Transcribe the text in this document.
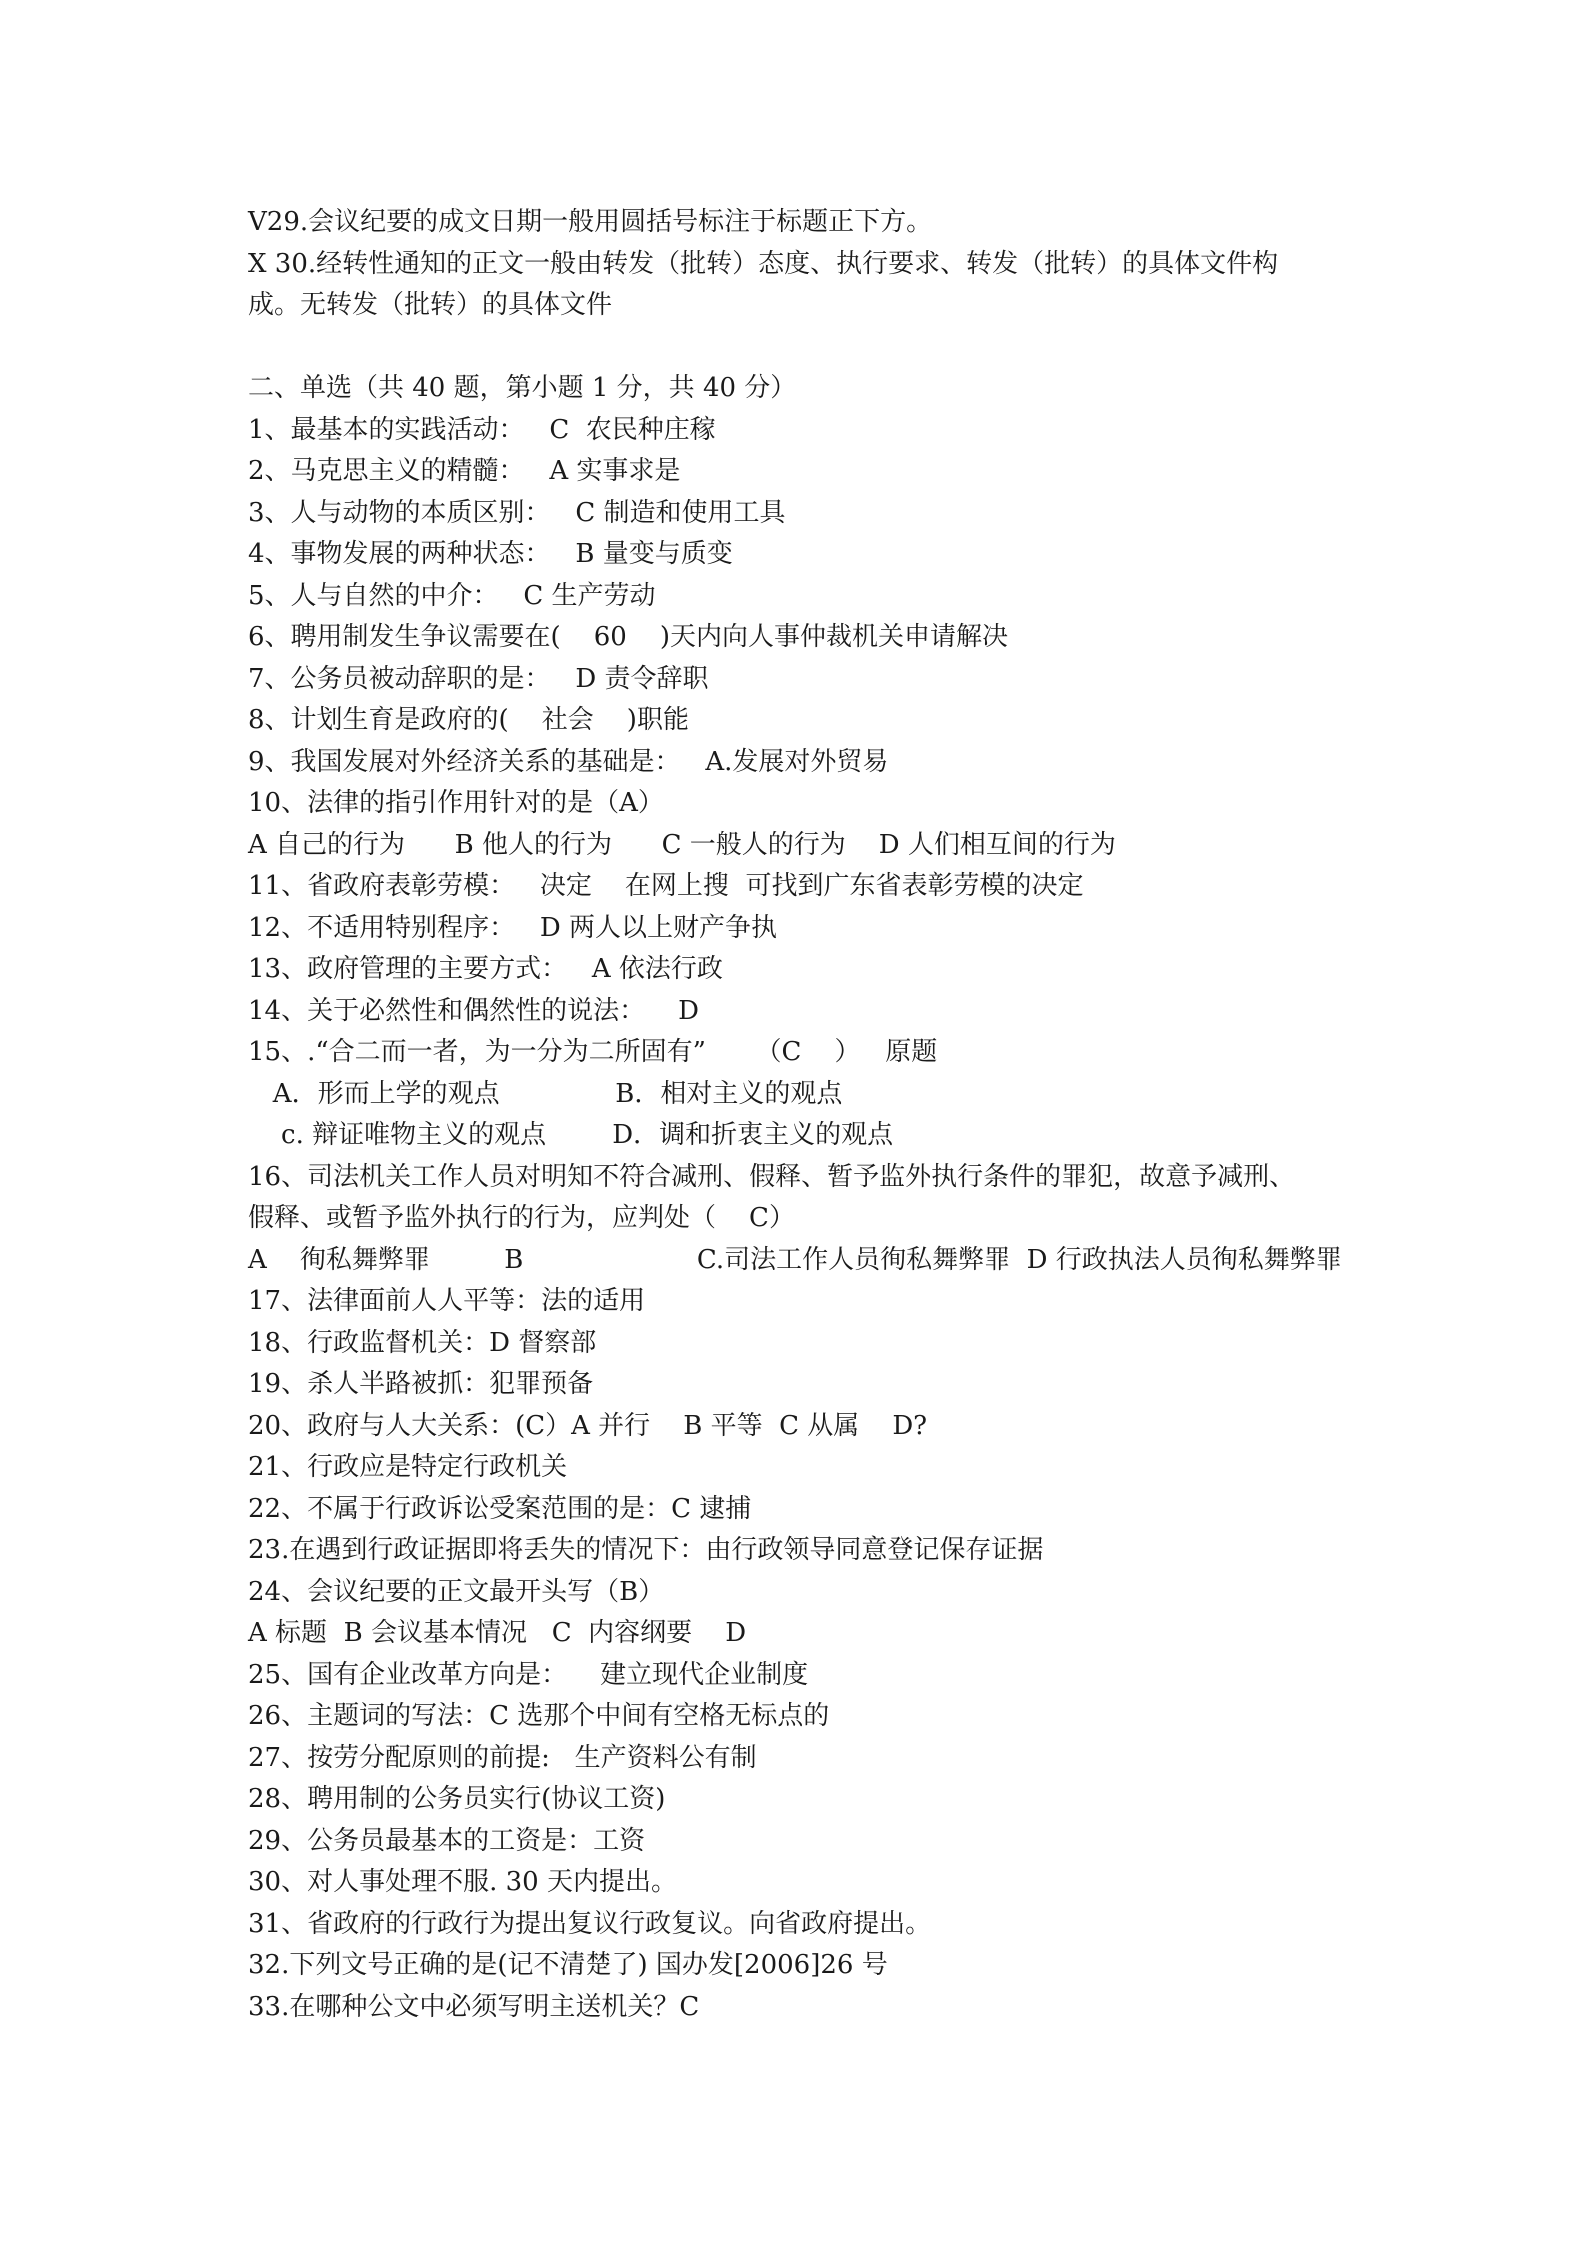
V29.会议纪要的成文日期一般用圆括号标注于标题正下方。
X 30.经转性通知的正文一般由转发（批转）态度、执行要求、转发（批转）的具体文件构
成。无转发（批转）的具体文件
二、单选（共 40 题，第小题 1 分，共 40 分）
1、最基本的实践活动：   C  农民种庄稼
2、马克思主义的精髓：   A 实事求是
3、人与动物的本质区别：   C 制造和使用工具
4、事物发展的两种状态：   B 量变与质变
5、人与自然的中介：   C 生产劳动
6、聘用制发生争议需要在(    60    )天内向人事仲裁机关申请解决
7、公务员被动辞职的是：   D 责令辞职
8、计划生育是政府的(    社会    )职能
9、我国发展对外经济关系的基础是：   A.发展对外贸易
10、法律的指引作用针对的是（A）
A 自己的行为      B 他人的行为      C 一般人的行为    D 人们相互间的行为
11、省政府表彰劳模：   决定    在网上搜  可找到广东省表彰劳模的决定
12、不适用特别程序：   D 两人以上财产争执
13、政府管理的主要方式：   A 依法行政
14、关于必然性和偶然性的说法：    D
15、.“合二而一者，为一分为二所固有”      （C    ）   原题
A．形而上学的观点              B．相对主义的观点
c. 辩证唯物主义的观点        D．调和折衷主义的观点
16、司法机关工作人员对明知不符合减刑、假释、暂予监外执行条件的罪犯，故意予减刑、
假释、或暂予监外执行的行为，应判处（    C）
A    徇私舞弊罪         B                     C.司法工作人员徇私舞弊罪  D 行政执法人员徇私舞弊罪
17、法律面前人人平等：法的适用
18、行政监督机关：D 督察部
19、杀人半路被抓：犯罪预备
20、政府与人大关系：(C）A 并行    B 平等  C 从属    D?
21、行政应是特定行政机关
22、不属于行政诉讼受案范围的是：C 逮捕
23.在遇到行政证据即将丢失的情况下：由行政领导同意登记保存证据
24、会议纪要的正文最开头写（B）
A 标题  B 会议基本情况   C  内容纲要    D
25、国有企业改革方向是：    建立现代企业制度
26、主题词的写法：C 选那个中间有空格无标点的
27、按劳分配原则的前提:   生产资料公有制
28、聘用制的公务员实行(协议工资)
29、公务员最基本的工资是：工资
30、对人事处理不服. 30 天内提出。
31、省政府的行政行为提出复议行政复议。向省政府提出。
32.下列文号正确的是(记不清楚了) 国办发[2006]26 号
33.在哪种公文中必须写明主送机关？C
